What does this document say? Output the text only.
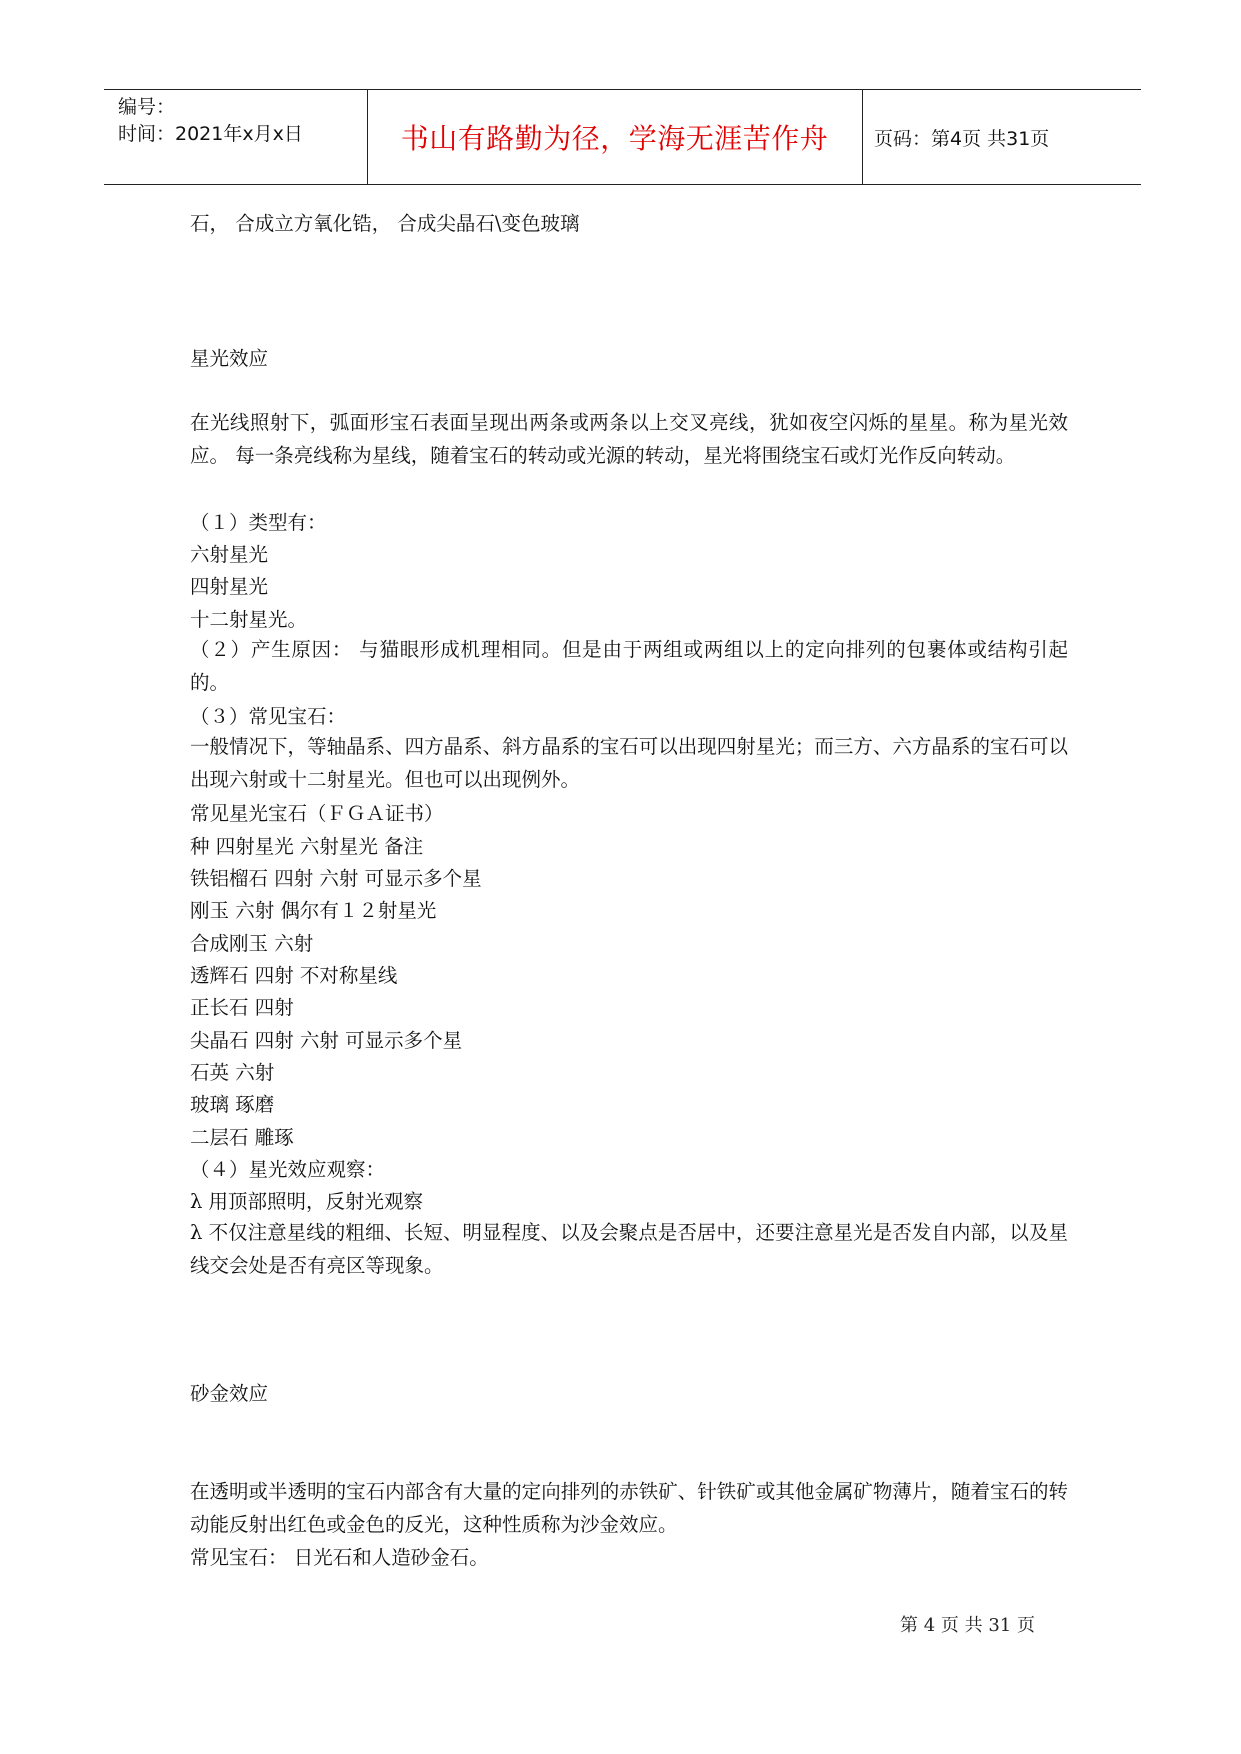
编号：
时间：2021年x月x日	书山有路勤为径，学海无涯苦作舟 页码：第4页 共31页
石， 合成立方氧化锆， 合成尖晶石\变色玻璃
星光效应
在光线照射下，弧面形宝石表面呈现出两条或两条以上交叉亮线，犹如夜空闪烁的星星。称为星光效应。 每一条亮线称为星线，随着宝石的转动或光源的转动，星光将围绕宝石或灯光作反向转动。
（１）类型有：
六射星光
四射星光
十二射星光。
（２）产生原因： 与猫眼形成机理相同。但是由于两组或两组以上的定向排列的包裹体或结构引起的。
（３）常见宝石：
一般情况下，等轴晶系、四方晶系、斜方晶系的宝石可以出现四射星光；而三方、六方晶系的宝石可以出现六射或十二射星光。但也可以出现例外。
常见星光宝石（ＦＧＡ证书）
种 四射星光 六射星光 备注
铁铝榴石 四射 六射 可显示多个星
刚玉 六射 偶尔有１２射星光
合成刚玉 六射
透辉石 四射 不对称星线
正长石 四射
尖晶石 四射 六射 可显示多个星
石英 六射
玻璃 琢磨
二层石 雕琢
（４）星光效应观察：
λ 用顶部照明，反射光观察
λ 不仅注意星线的粗细、长短、明显程度、以及会聚点是否居中，还要注意星光是否发自内部，以及星线交会处是否有亮区等现象。
砂金效应
在透明或半透明的宝石内部含有大量的定向排列的赤铁矿、针铁矿或其他金属矿物薄片，随着宝石的转动能反射出红色或金色的反光，这种性质称为沙金效应。
常见宝石： 日光石和人造砂金石。
第 4 页 共 31 页
